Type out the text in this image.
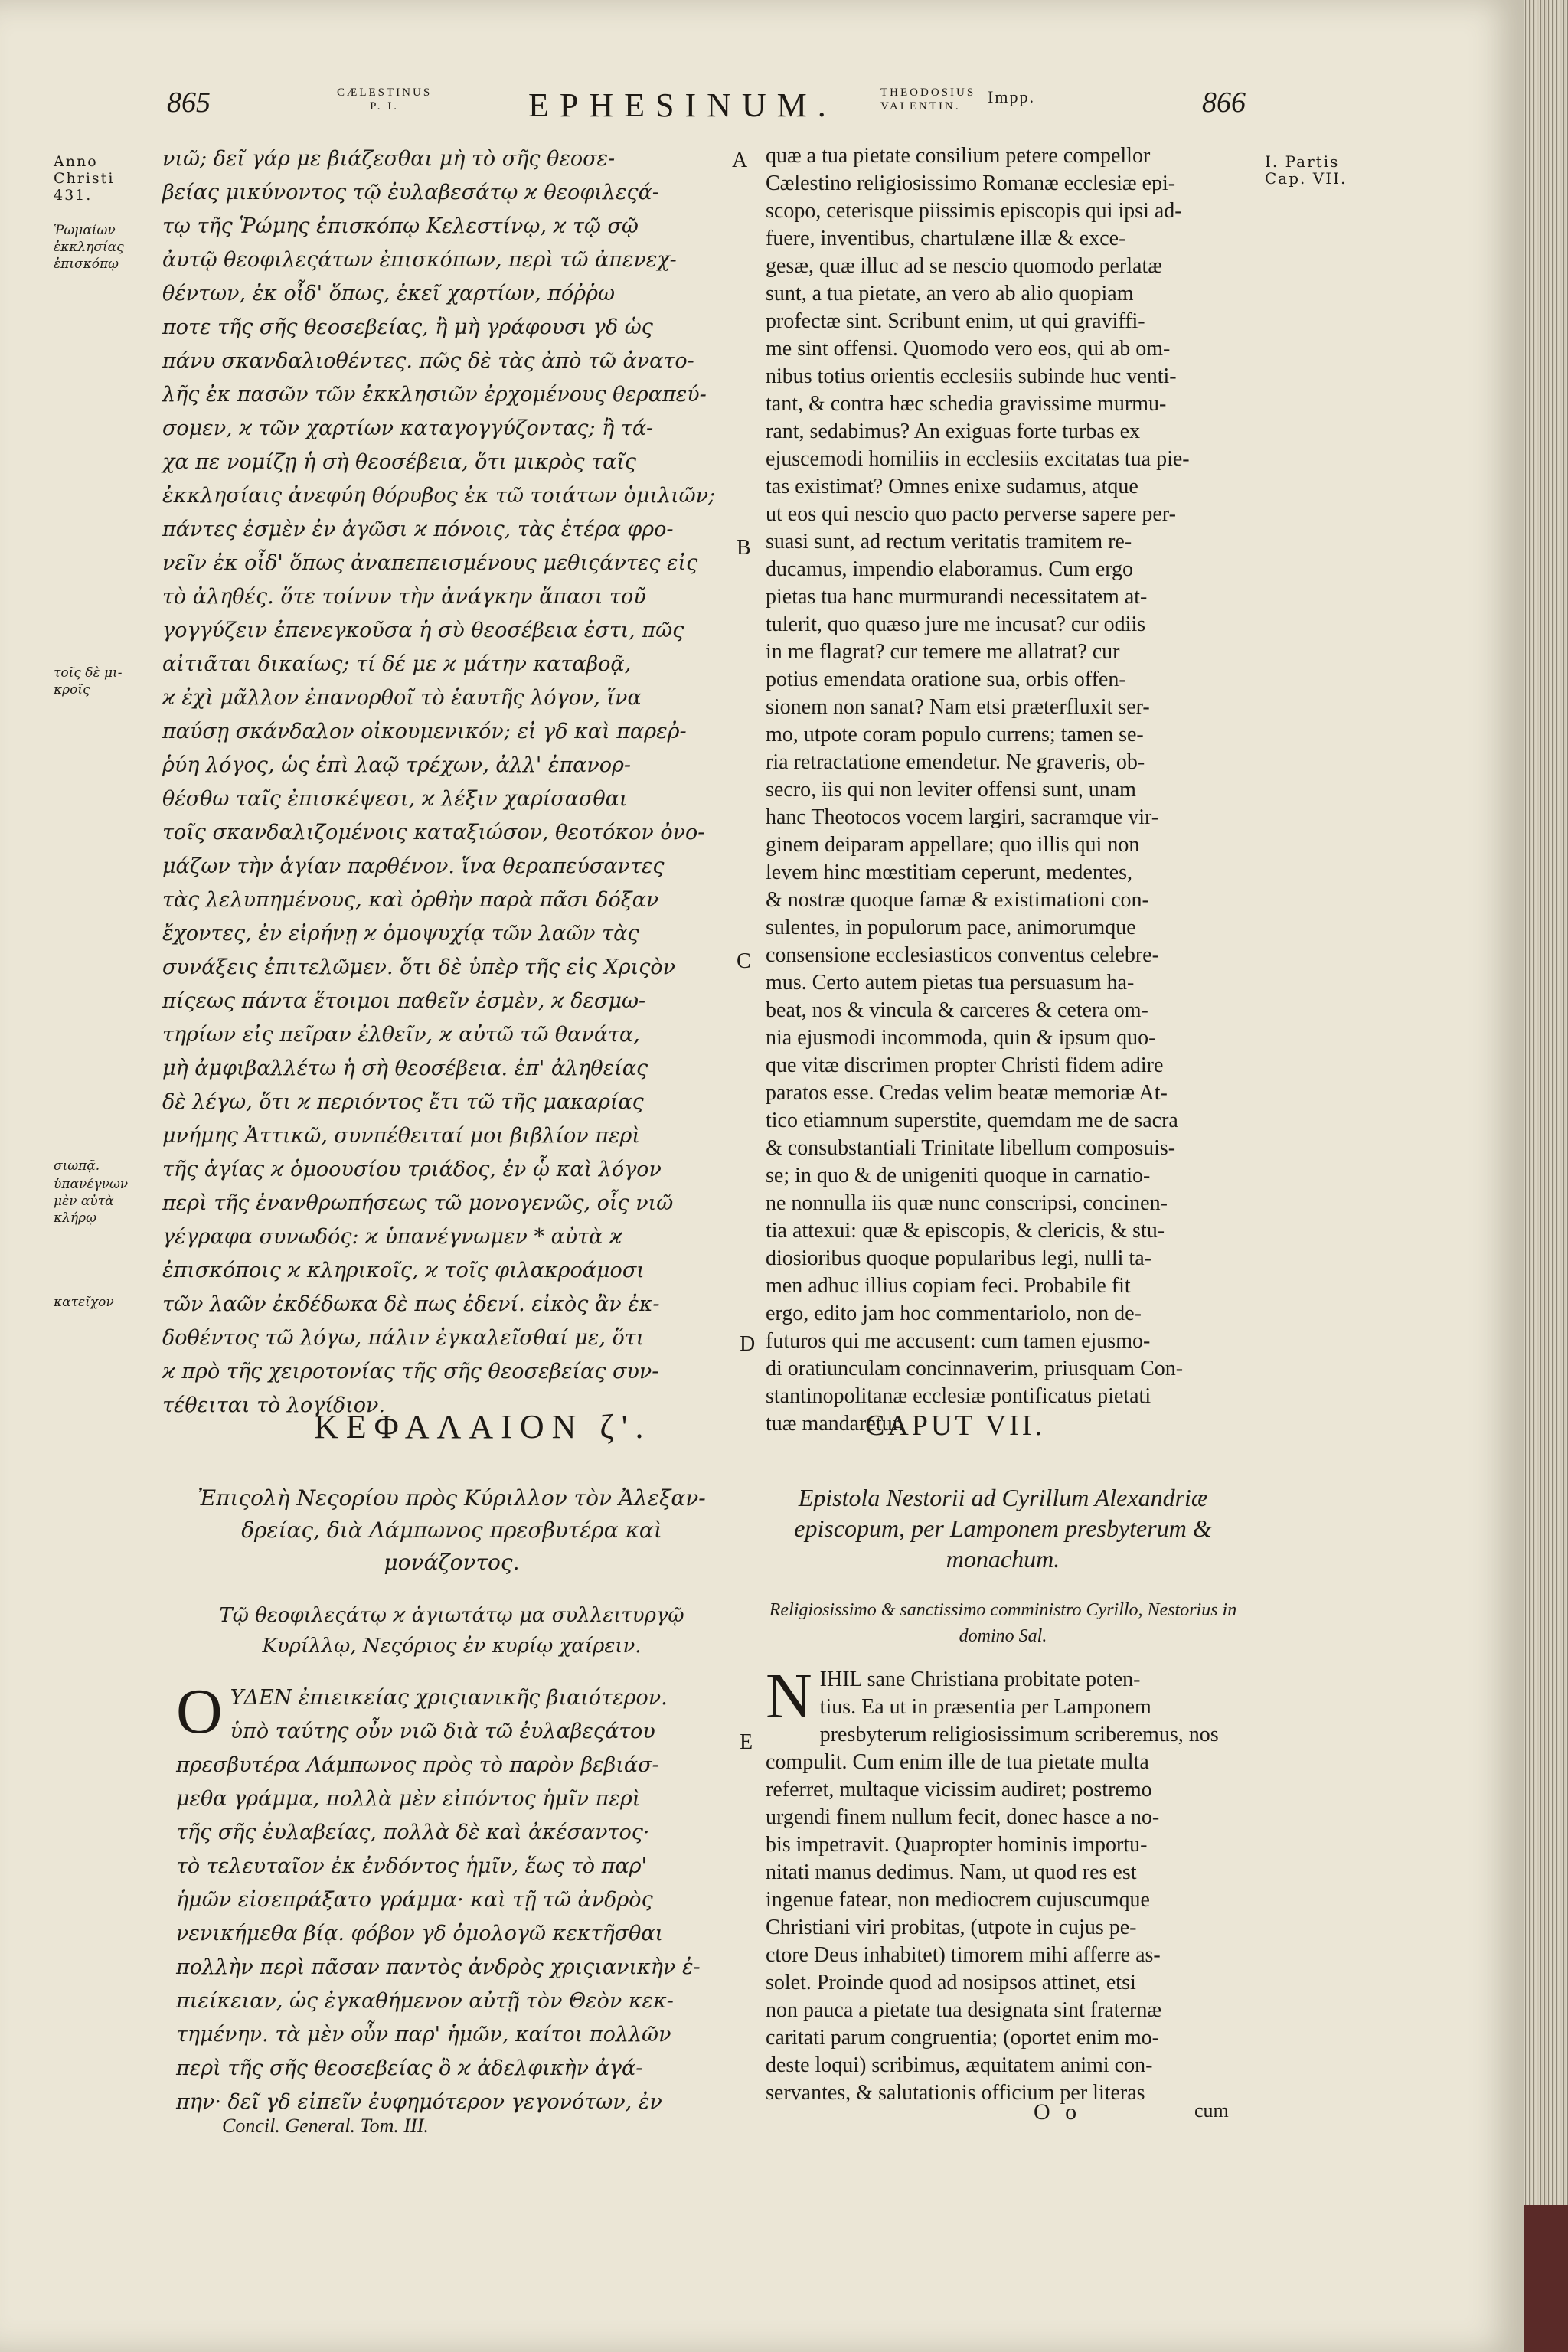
865	CÆLESTINUS
P. I.	EPHESINUM.	THEODOSIUS
VALENTIN.	Impp.	866
Anno Christi 431.
Ῥωμαίων ἐκκλησίας ἐπισκόπῳ
τοῖς δὲ μι-κροῖς
σιωπᾷ.
ὑπανέγνων μὲν αὐτὰ κλήρῳ
κατεῖχον
I. Partis Cap. VII.
A
B
C
D
E

νιῶ; δεῖ γάρ με βιάζεσθαι μὴ τὸ σῆς θεοσε-

βείας μικύνοντος τῷ ἐυλαβεσάτῳ ϰ θεοφιλεςά-

τῳ τῆς Ῥώμης ἐπισκόπῳ Κελεστίνῳ, ϰ τῷ σῷ

ἀυτῷ θεοφιλεςάτων ἐπισκόπων, περὶ τῶ ἀπενεχ-

θέντων, ἐκ οἶδ' ὅπως, ἐκεῖ χαρτίων, πόῤῥω

ποτε τῆς σῆς θεοσεβείας, ἢ μὴ γράφουσι γδ ὡς

πάνυ σκανδαλιοθέντες. πῶς δὲ τὰς ἀπὸ τῶ ἀνατο-

λῆς ἐκ πασῶν τῶν ἐκκλησιῶν ἐρχομένους θεραπεύ-

σομεν, ϰ τῶν χαρτίων καταγογγύζοντας; ἢ τά-

χα πε νομίζῃ ἡ σὴ θεοσέβεια, ὅτι μικρὸς ταῖς

ἐκκλησίαις ἀνεφύη θόρυβος ἐκ τῶ τοιάτων ὁμιλιῶν;

πάντες ἐσμὲν ἐν ἀγῶσι ϰ πόνοις, τὰς ἑτέρα φρο-

νεῖν ἐκ οἶδ' ὅπως ἀναπεπεισμένους μεθιςάντες εἰς

τὸ ἀληθές. ὅτε τοίνυν τὴν ἀνάγκην ἅπασι τοῦ

γογγύζειν ἐπενεγκοῦσα ἡ σὺ θεοσέβεια ἐστι, πῶς

αἰτιᾶται δικαίως; τί δέ με ϰ μάτην καταβοᾷ,

ϰ ἐχὶ μᾶλλον ἐπανορθοῖ τὸ ἑαυτῆς λόγον, ἵνα

παύσῃ σκάνδαλον οἰκουμενικόν; εἰ γδ καὶ παρεῤ-

ῥύη λόγος, ὡς ἐπὶ λαῷ τρέχων, ἀλλ' ἐπανορ-

θέσθω ταῖς ἐπισκέψεσι, ϰ λέξιν χαρίσασθαι

τοῖς σκανδαλιζομένοις καταξιώσον, θεοτόκον ὀνο-

μάζων τὴν ἁγίαν παρθένον. ἵνα θεραπεύσαντες

τὰς λελυπημένους, καὶ ὀρθὴν παρὰ πᾶσι δόξαν

ἔχοντες, ἐν εἰρήνῃ ϰ ὁμοψυχίᾳ τῶν λαῶν τὰς

συνάξεις ἐπιτελῶμεν. ὅτι δὲ ὑπὲρ τῆς εἰς Χριςὸν

πίςεως πάντα ἕτοιμοι παθεῖν ἐσμὲν, ϰ δεσμω-

τηρίων εἰς πεῖραν ἐλθεῖν, ϰ αὐτῶ τῶ θανάτα,

μὴ ἀμφιβαλλέτω ἡ σὴ θεοσέβεια. ἐπ' ἀληθείας

δὲ λέγω, ὅτι ϰ περιόντος ἔτι τῶ τῆς μακαρίας

μνήμης Ἀττικῶ, συνπέθειταί μοι βιβλίον περὶ

τῆς ἁγίας ϰ ὁμοουσίου τριάδος, ἐν ᾧ καὶ λόγον

περὶ τῆς ἐνανθρωπήσεως τῶ μονογενῶς, οἷς νιῶ

γέγραφα συνωδός: ϰ ὑπανέγνωμεν * αὐτὰ ϰ

ἐπισκόποις ϰ κληρικοῖς, ϰ τοῖς φιλακροάμοσι

τῶν λαῶν ἐκδέδωκα δὲ πως ἐδενί. εἰκὸς ἂν ἐκ-

δοθέντος τῶ λόγω, πάλιν ἐγκαλεῖσθαί με, ὅτι

ϰ πρὸ τῆς χειροτονίας τῆς σῆς θεοσεβείας συν-

τέθειται τὸ λογίδιον.

quæ a tua pietate consilium petere compellor

Cælestino religiosissimo Romanæ ecclesiæ epi-

scopo, ceterisque piissimis episcopis qui ipsi ad-

fuere, inventibus, chartulæne illæ & exce-

gesæ, quæ illuc ad se nescio quomodo perlatæ

sunt, a tua pietate, an vero ab alio quopiam

profectæ sint. Scribunt enim, ut qui graviffi-

me sint offensi. Quomodo vero eos, qui ab om-

nibus totius orientis ecclesiis subinde huc venti-

tant, & contra hæc schedia gravissime murmu-

rant, sedabimus? An exiguas forte turbas ex

ejuscemodi homiliis in ecclesiis excitatas tua pie-

tas existimat? Omnes enixe sudamus, atque

ut eos qui nescio quo pacto perverse sapere per-

suasi sunt, ad rectum veritatis tramitem re-

ducamus, impendio elaboramus. Cum ergo

pietas tua hanc murmurandi necessitatem at-

tulerit, quo quæso jure me incusat? cur odiis

in me flagrat? cur temere me allatrat? cur

potius emendata oratione sua, orbis offen-

sionem non sanat? Nam etsi præterfluxit ser-

mo, utpote coram populo currens; tamen se-

ria retractatione emendetur. Ne graveris, ob-

secro, iis qui non leviter offensi sunt, unam

hanc Theotocos vocem largiri, sacramque vir-

ginem deiparam appellare; quo illis qui non

levem hinc mœstitiam ceperunt, medentes,

& nostræ quoque famæ & existimationi con-

sulentes, in populorum pace, animorumque

consensione ecclesiasticos conventus celebre-

mus. Certo autem pietas tua persuasum ha-

beat, nos & vincula & carceres & cetera om-

nia ejusmodi incommoda, quin & ipsum quo-

que vitæ discrimen propter Christi fidem adire

paratos esse. Credas velim beatæ memoriæ At-

tico etiamnum superstite, quemdam me de sacra

& consubstantiali Trinitate libellum composuis-

se; in quo & de unigeniti quoque in carnatio-

ne nonnulla iis quæ nunc conscripsi, concinen-

tia attexui: quæ & episcopis, & clericis, & stu-

diosioribus quoque popularibus legi, nulli ta-

men adhuc illius copiam feci. Probabile fit

ergo, edito jam hoc commentariolo, non de-

futuros qui me accusent: cum tamen ejusmo-

di oratiunculam concinnaverim, priusquam Con-

stantinopolitanæ ecclesiæ pontificatus pietati

tuæ mandaretur.

ΚΕΦΑΛΑΙΟΝ ζ'.	CAPUT VII.

Ἐπιςολὴ Νεςορίου πρὸς Κύριλλον τὸν Ἀλεξαν-δρείας, διὰ Λάμπωνος πρεσβυτέρα καὶ μονάζοντος.

Τῷ θεοφιλεςάτῳ ϰ ἁγιωτάτῳ μα συλλειτυργῷ Κυρίλλῳ, Νεςόριος ἐν κυρίῳ χαίρειν.

Ο ΥΔΕΝ ἐπιεικείας χριςιανικῆς βιαιότερον.

ὑπὸ ταύτης οὖν νιῶ διὰ τῶ ἐυλαβεςάτου

πρεσβυτέρα Λάμπωνος πρὸς τὸ παρὸν βεβιάσ-

μεθα γράμμα, πολλὰ μὲν εἰπόντος ἡμῖν περὶ

τῆς σῆς ἐυλαβείας, πολλὰ δὲ καὶ ἀκέσαντος·

τὸ τελευταῖον ἐκ ἐνδόντος ἡμῖν, ἕως τὸ παρ'

ἡμῶν εἰσεπράξατο γράμμα· καὶ τῇ τῶ ἀνδρὸς

νενικήμεθα βίᾳ. φόβον γδ ὁμολογῶ κεκτῆσθαι

πολλὴν περὶ πᾶσαν παντὸς ἀνδρὸς χριςιανικὴν ἐ-

πιείκειαν, ὡς ἐγκαθήμενον αὐτῇ τὸν Θεὸν κεκ-

τημένην. τὰ μὲν οὖν παρ' ἡμῶν, καίτοι πολλῶν

περὶ τῆς σῆς θεοσεβείας ὃ ϰ ἀδελφικὴν ἀγά-

πην· δεῖ γδ εἰπεῖν ἐυφημότερον γεγονότων, ἐν

Epistola Nestorii ad Cyrillum Alexandriæ episcopum, per Lamponem presbyterum & monachum.

Religiosissimo & sanctissimo comministro Cyrillo, Nestorius in domino Sal.

N IHIL sane Christiana probitate poten-

tius. Ea ut in præsentia per Lamponem

presbyterum religiosissimum scriberemus, nos

compulit. Cum enim ille de tua pietate multa

referret, multaque vicissim audiret; postremo

urgendi finem nullum fecit, donec hasce a no-

bis impetravit. Quapropter hominis importu-

nitati manus dedimus. Nam, ut quod res est

ingenue fatear, non mediocrem cujuscumque

Christiani viri probitas, (utpote in cujus pe-

ctore Deus inhabitet) timorem mihi afferre as-

solet. Proinde quod ad nosipsos attinet, etsi

non pauca a pietate tua designata sint fraternæ

caritati parum congruentia; (oportet enim mo-

deste loqui) scribimus, æquitatem animi con-

servantes, & salutationis officium per literas

Concil. General. Tom. III.
O o	cum
